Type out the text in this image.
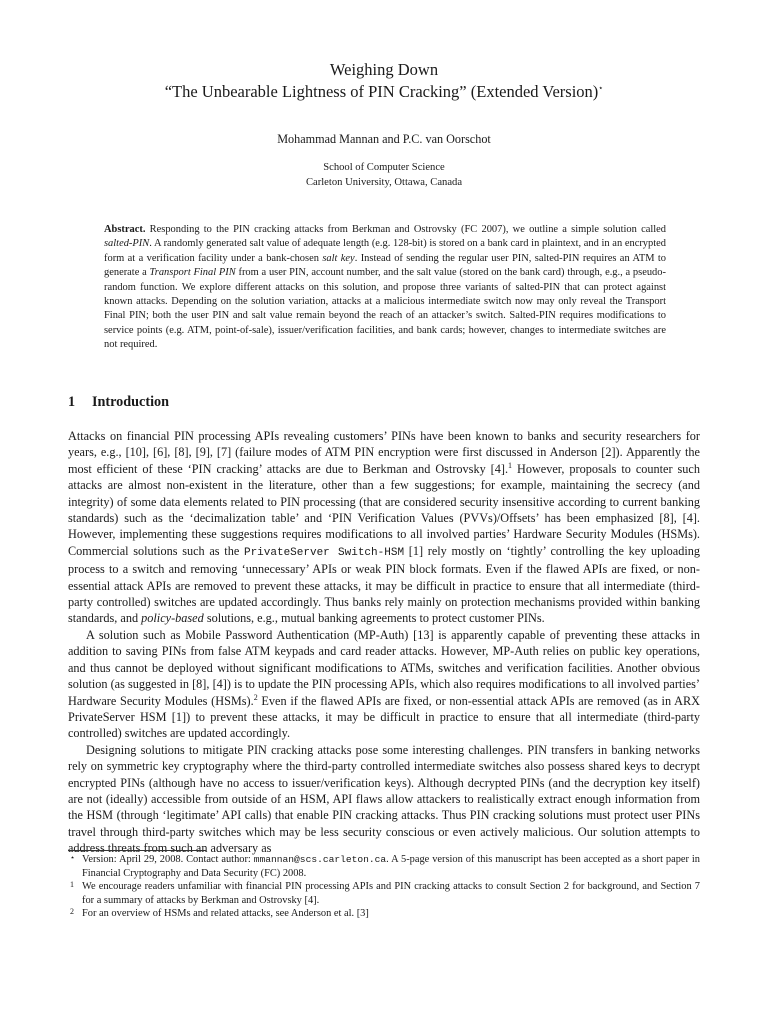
Weighing Down
“The Unbearable Lightness of PIN Cracking” (Extended Version)⋆
Mohammad Mannan and P.C. van Oorschot
School of Computer Science
Carleton University, Ottawa, Canada
Abstract. Responding to the PIN cracking attacks from Berkman and Ostrovsky (FC 2007), we outline a simple solution called salted-PIN. A randomly generated salt value of adequate length (e.g. 128-bit) is stored on a bank card in plaintext, and in an encrypted form at a verification facility under a bank-chosen salt key. Instead of sending the regular user PIN, salted-PIN requires an ATM to generate a Transport Final PIN from a user PIN, account number, and the salt value (stored on the bank card) through, e.g., a pseudo-random function. We explore different attacks on this solution, and propose three variants of salted-PIN that can protect against known attacks. Depending on the solution variation, attacks at a malicious intermediate switch now may only reveal the Transport Final PIN; both the user PIN and salt value remain beyond the reach of an attacker’s switch. Salted-PIN requires modifications to service points (e.g. ATM, point-of-sale), issuer/verification facilities, and bank cards; however, changes to intermediate switches are not required.
1 Introduction

Attacks on financial PIN processing APIs revealing customers’ PINs have been known to banks and security researchers for years, e.g., [10], [6], [8], [9], [7] (failure modes of ATM PIN encryption were first discussed in Anderson [2]). Apparently the most efficient of these ‘PIN cracking’ attacks are due to Berkman and Ostrovsky [4].$^1$ However, proposals to counter such attacks are almost non-existent in the literature, other than a few suggestions; for example, maintaining the secrecy (and integrity) of some data elements related to PIN processing (that are considered security insensitive according to current banking standards) such as the ‘decimalization table’ and ‘PIN Verification Values (PVVs)/Offsets’ has been emphasized [8], [4]. However, implementing these suggestions requires modifications to all involved parties’ Hardware Security Modules (HSMs). Commercial solutions such as the PrivateServer Switch-HSM [1] rely mostly on ‘tightly’ controlling the key uploading process to a switch and removing ‘unnecessary’ APIs or weak PIN block formats. Even if the flawed APIs are fixed, or non-essential attack APIs are removed to prevent these attacks, it may be difficult in practice to ensure that all intermediate (third-party controlled) switches are updated accordingly. Thus banks rely mainly on protection mechanisms provided within banking standards, and policy-based solutions, e.g., mutual banking agreements to protect customer PINs.

A solution such as Mobile Password Authentication (MP-Auth) [13] is apparently capable of preventing these attacks in addition to saving PINs from false ATM keypads and card reader attacks. However, MP-Auth relies on public key operations, and thus cannot be deployed without significant modifications to ATMs, switches and verification facilities. Another obvious solution (as suggested in [8], [4]) is to update the PIN processing APIs, which also requires modifications to all involved parties’ Hardware Security Modules (HSMs).$^2$ Even if the flawed APIs are fixed, or non-essential attack APIs are removed (as in ARX PrivateServer HSM [1]) to prevent these attacks, it may be difficult in practice to ensure that all intermediate (third-party controlled) switches are updated accordingly.

Designing solutions to mitigate PIN cracking attacks pose some interesting challenges. PIN transfers in banking networks rely on symmetric key cryptography where the third-party controlled intermediate switches also possess shared keys to decrypt encrypted PINs (although have no access to issuer/verification keys). Although decrypted PINs (and the decryption key itself) are not (ideally) accessible from outside of an HSM, API flaws allow attackers to realistically extract enough information from the HSM (through ‘legitimate’ API calls) that enable PIN cracking attacks. Thus PIN cracking solutions must protect user PINs travel through third-party switches which may be less security conscious or even actively malicious. Our solution attempts to address threats from such an adversary as

⋆ Version: April 29, 2008. Contact author: mmannan@scs.carleton.ca. A 5-page version of this manuscript has been accepted as a short paper in Financial Cryptography and Data Security (FC) 2008.
1 We encourage readers unfamiliar with financial PIN processing APIs and PIN cracking attacks to consult Section 2 for background, and Section 7 for a summary of attacks by Berkman and Ostrovsky [4].
2 For an overview of HSMs and related attacks, see Anderson et al. [3]
